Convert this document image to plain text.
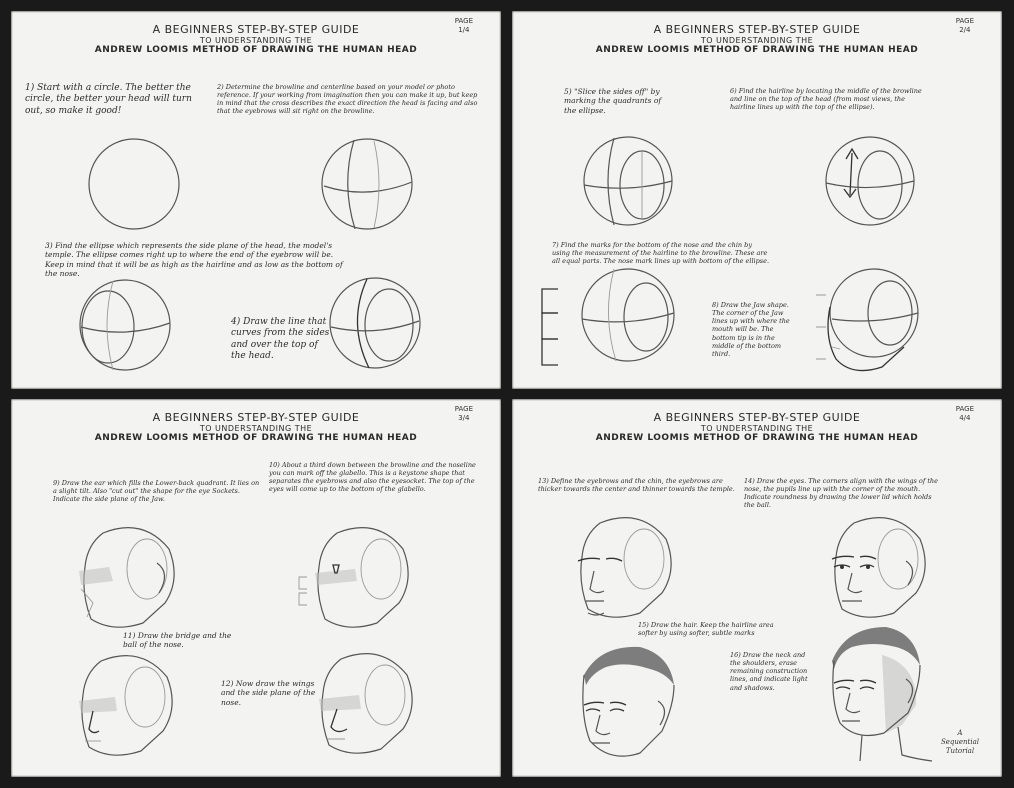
A BEGINNERS STEP-BY-STEP GUIDE
TO UNDERSTANDING THE
ANDREW LOOMIS METHOD OF DRAWING THE HUMAN HEAD
PAGE
1/4
1) Start with a circle. The better the circle, the better your head will turn out, so make it good!
2) Determine the browline and centerline based on your model or photo reference. If your working from imagination then you can make it up, but keep in mind that the cross describes the exact direction the head is facing and also that the eyebrows will sit right on the browline.
3) Find the ellipse which represents the side plane of the head, the model's temple. The ellipse comes right up to where the end of the eyebrow will be. Keep in mind that it will be as high as the hairline and as low as the bottom of the nose.
4) Draw the line that curves from the sides and over the top of the head.
A BEGINNERS STEP-BY-STEP GUIDE
TO UNDERSTANDING THE
ANDREW LOOMIS METHOD OF DRAWING THE HUMAN HEAD
PAGE
2/4
5) "Slice the sides off" by marking the quadrants of the ellipse.
6) Find the hairline by locating the middle of the browline and line on the top of the head (from most views, the hairline lines up with the top of the ellipse).
7) Find the marks for the bottom of the nose and the chin by using the measurement of the hairline to the browline. These are all equal parts. The nose mark lines up with bottom of the ellipse.
8) Draw the Jaw shape. The corner of the Jaw lines up with where the mouth will be. The bottom tip is in the middle of the bottom third.
A BEGINNERS STEP-BY-STEP GUIDE
TO UNDERSTANDING THE
ANDREW LOOMIS METHOD OF DRAWING THE HUMAN HEAD
PAGE
3/4
9) Draw the ear which fills the Lower-back quadrant. It lies on a slight tilt. Also "cut out" the shape for the eye Sockets. Indicate the side plane of the Jaw.
10) About a third down between the browline and the noseline you can mark off the glabello. This is a keystone shape that separates the eyebrows and also the eyesocket. The top of the eyes will come up to the bottom of the glabello.
11) Draw the bridge and the ball of the nose.
12) Now draw the wings and the side plane of the nose.
A BEGINNERS STEP-BY-STEP GUIDE
TO UNDERSTANDING THE
ANDREW LOOMIS METHOD OF DRAWING THE HUMAN HEAD
PAGE
4/4
13) Define the eyebrows and the chin, the eyebrows are thicker towards the center and thinner towards the temple.
14) Draw the eyes. The corners align with the wings of the nose, the pupils line up with the corner of the mouth. Indicate roundness by drawing the lower lid which holds the ball.
15) Draw the hair. Keep the hairline area softer by using softer, subtle marks
16) Draw the neck and the shoulders, erase remaining construction lines, and indicate light and shadows.
A
Sequential
Tutorial
